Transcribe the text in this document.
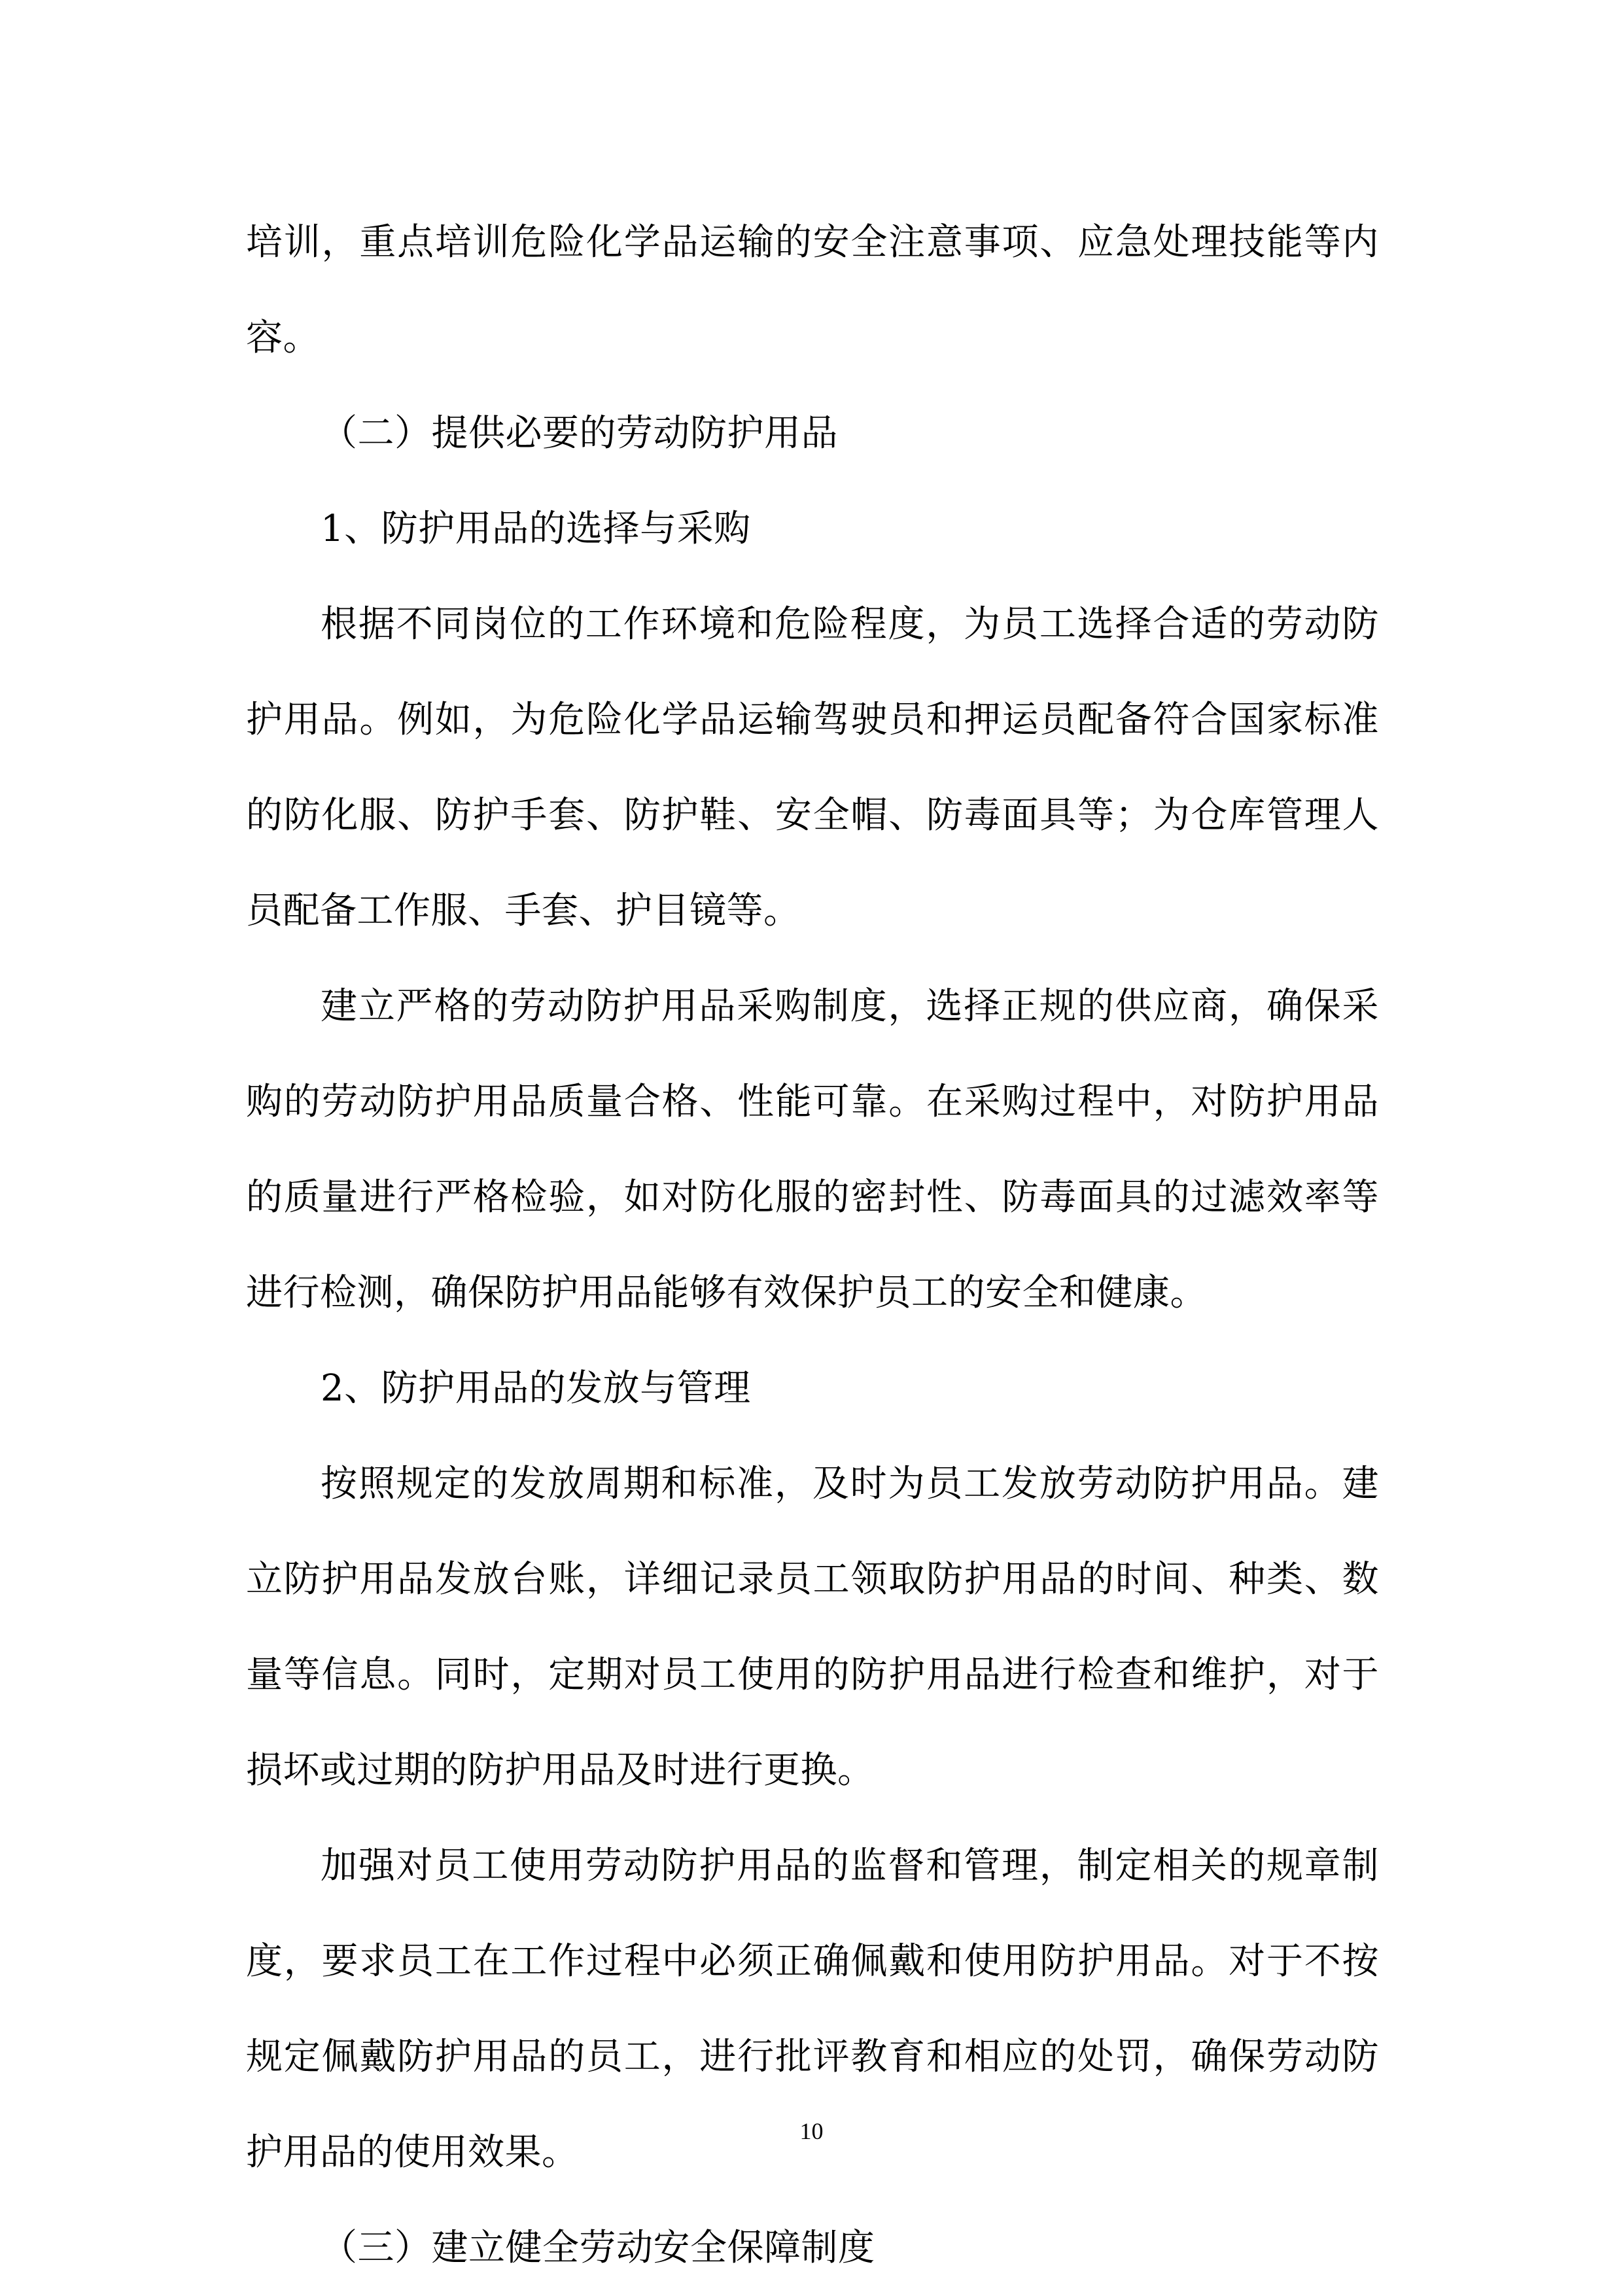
培训，重点培训危险化学品运输的安全注意事项、应急处理技能等内容。

（二）提供必要的劳动防护用品

1、防护用品的选择与采购

根据不同岗位的工作环境和危险程度，为员工选择合适的劳动防护用品。例如，为危险化学品运输驾驶员和押运员配备符合国家标准的防化服、防护手套、防护鞋、安全帽、防毒面具等；为仓库管理人员配备工作服、手套、护目镜等。

建立严格的劳动防护用品采购制度，选择正规的供应商，确保采购的劳动防护用品质量合格、性能可靠。在采购过程中，对防护用品的质量进行严格检验，如对防化服的密封性、防毒面具的过滤效率等进行检测，确保防护用品能够有效保护员工的安全和健康。

2、防护用品的发放与管理

按照规定的发放周期和标准，及时为员工发放劳动防护用品。建立防护用品发放台账，详细记录员工领取防护用品的时间、种类、数量等信息。同时，定期对员工使用的防护用品进行检查和维护，对于损坏或过期的防护用品及时进行更换。

加强对员工使用劳动防护用品的监督和管理，制定相关的规章制度，要求员工在工作过程中必须正确佩戴和使用防护用品。对于不按规定佩戴防护用品的员工，进行批评教育和相应的处罚，确保劳动防护用品的使用效果。

（三）建立健全劳动安全保障制度

10
